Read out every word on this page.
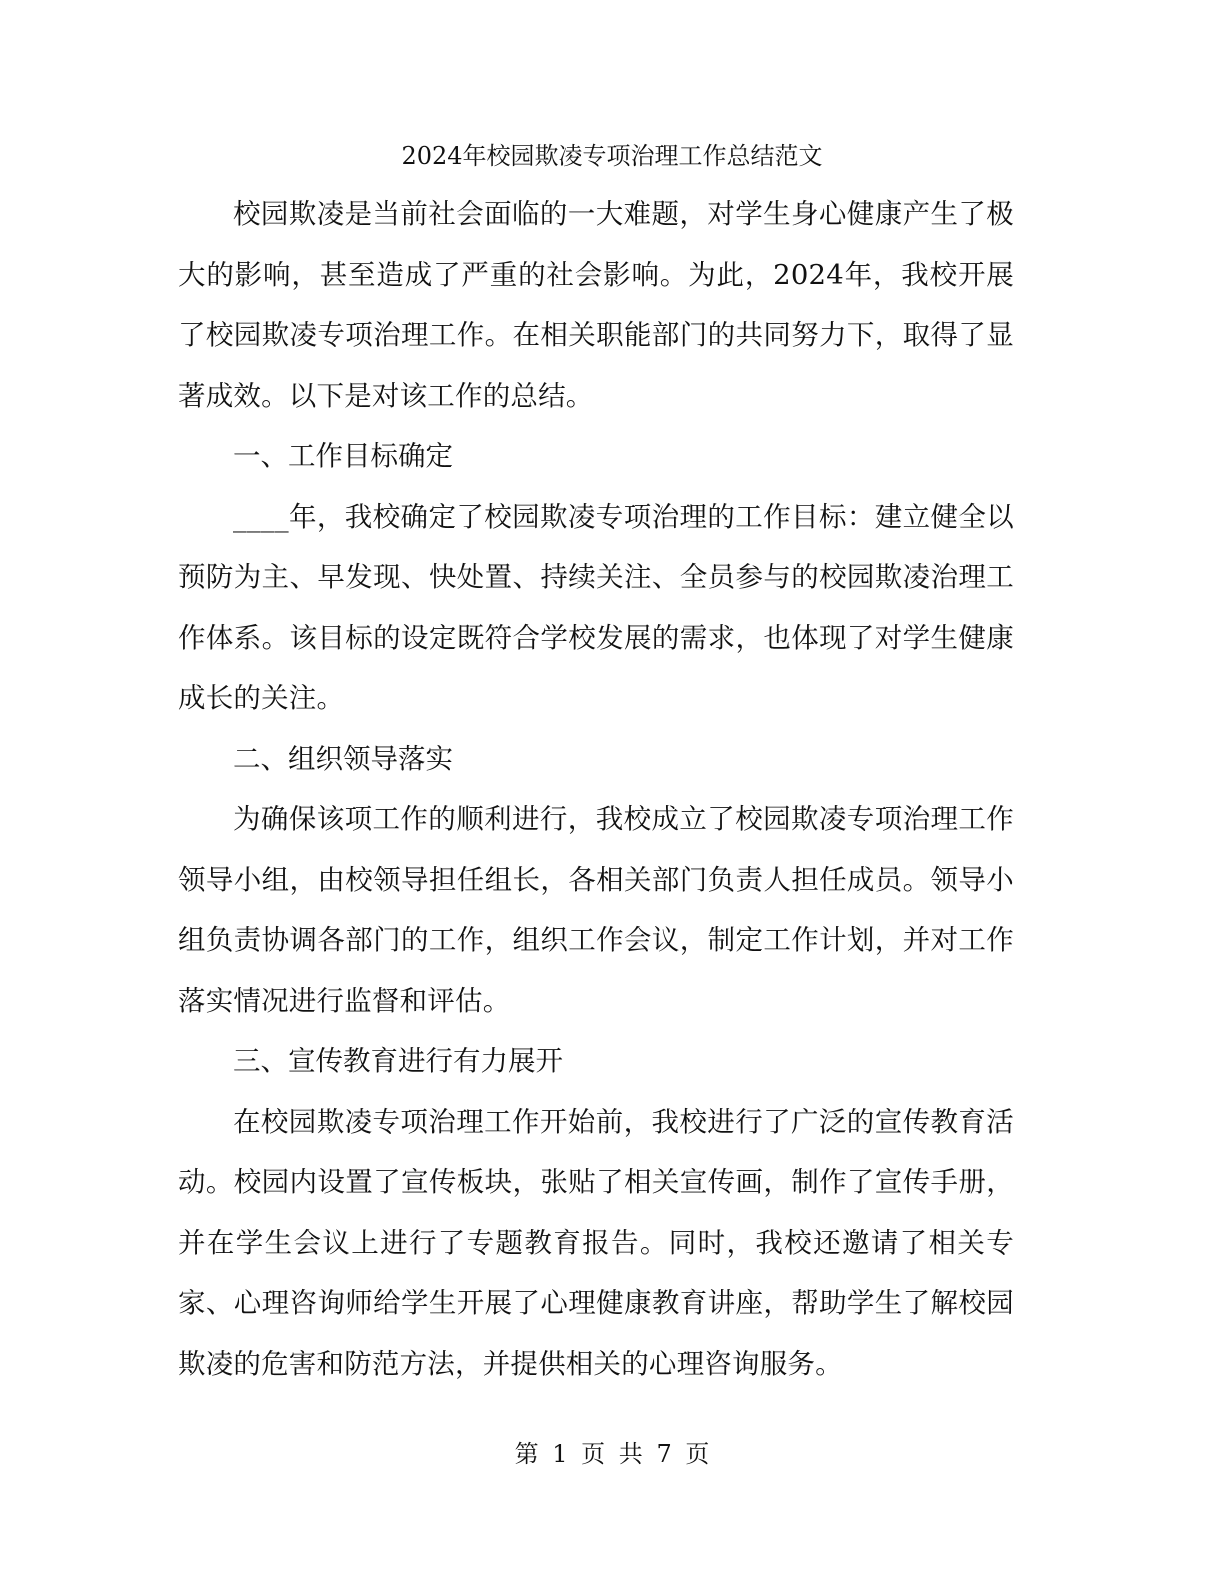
2024年校园欺凌专项治理工作总结范文

校园欺凌是当前社会面临的一大难题，对学生身心健康产生了极大的影响，甚至造成了严重的社会影响。为此，2024年，我校开展了校园欺凌专项治理工作。在相关职能部门的共同努力下，取得了显著成效。以下是对该工作的总结。

一、工作目标确定

____年，我校确定了校园欺凌专项治理的工作目标：建立健全以预防为主、早发现、快处置、持续关注、全员参与的校园欺凌治理工作体系。该目标的设定既符合学校发展的需求，也体现了对学生健康成长的关注。

二、组织领导落实

为确保该项工作的顺利进行，我校成立了校园欺凌专项治理工作领导小组，由校领导担任组长，各相关部门负责人担任成员。领导小组负责协调各部门的工作，组织工作会议，制定工作计划，并对工作落实情况进行监督和评估。

三、宣传教育进行有力展开

在校园欺凌专项治理工作开始前，我校进行了广泛的宣传教育活动。校园内设置了宣传板块，张贴了相关宣传画，制作了宣传手册，并在学生会议上进行了专题教育报告。同时，我校还邀请了相关专家、心理咨询师给学生开展了心理健康教育讲座，帮助学生了解校园欺凌的危害和防范方法，并提供相关的心理咨询服务。

第 1 页 共 7 页
